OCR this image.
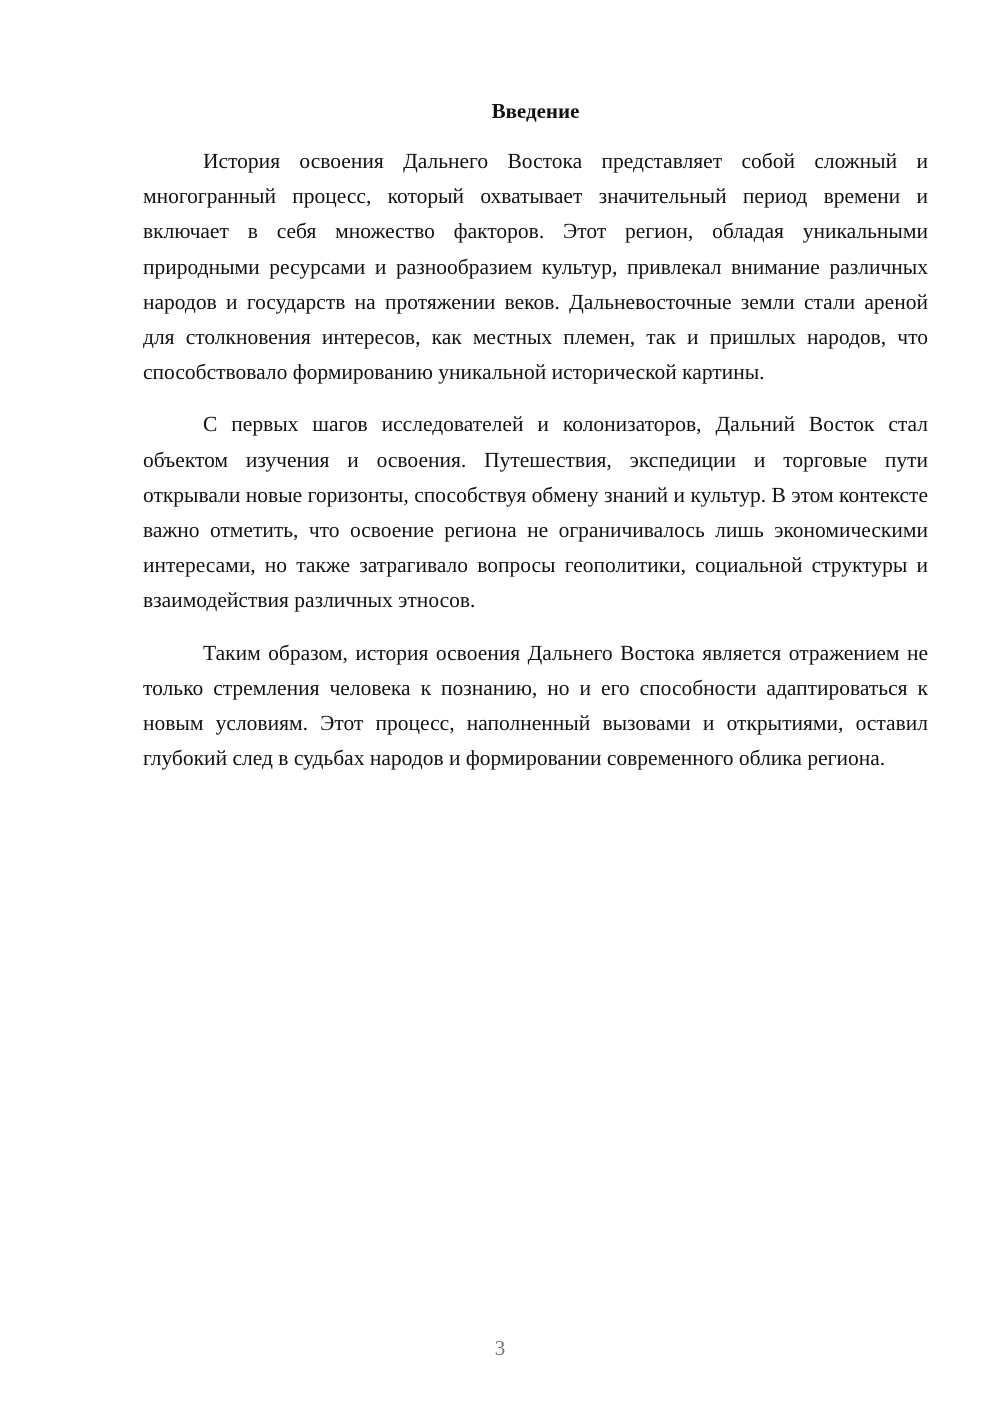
Введение

История освоения Дальнего Востока представляет собой сложный и многогранный процесс, который охватывает значительный период времени и включает в себя множество факторов. Этот регион, обладая уникальными природными ресурсами и разнообразием культур, привлекал внимание различных народов и государств на протяжении веков. Дальневосточные земли стали ареной для столкновения интересов, как местных племен, так и пришлых народов, что способствовало формированию уникальной исторической картины.

С первых шагов исследователей и колонизаторов, Дальний Восток стал объектом изучения и освоения. Путешествия, экспедиции и торговые пути открывали новые горизонты, способствуя обмену знаний и культур. В этом контексте важно отметить, что освоение региона не ограничивалось лишь экономическими интересами, но также затрагивало вопросы геополитики, социальной структуры и взаимодействия различных этносов.

Таким образом, история освоения Дальнего Востока является отражением не только стремления человека к познанию, но и его способности адаптироваться к новым условиям. Этот процесс, наполненный вызовами и открытиями, оставил глубокий след в судьбах народов и формировании современного облика региона.

3
